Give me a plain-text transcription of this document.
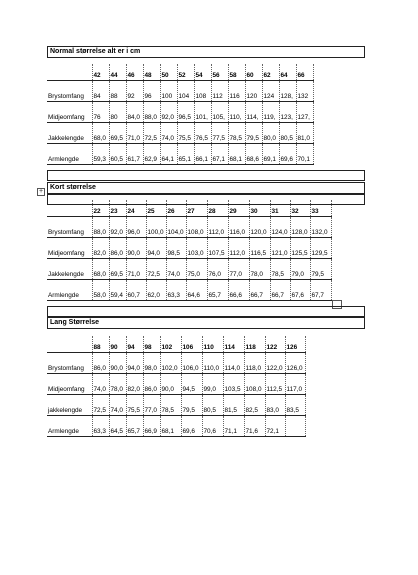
Normal størrelse alt er i cm
	42	44	46	48	50	52	54	56	58	60	62	64	66
Brystomfang	84	88	92	96	100	104	108	112	116	120	124	128,	132
Midjeomfang	76	80	84,0	88,0	92,0	96,5	101,	105,	110,	114,	119,	123,	127,
Jakkelengde	68,0	69,5	71,0	72,5	74,0	75,5	76,5	77,5	78,5	79,5	80,0	80,5	81,0
Armlengde	59,3	60,5	61,7	62,9	64,1	65,1	66,1	67,1	68,1	68,6	69,1	69,6	70,1
+
Kort størrelse
	22	23	24	25	26	27	28	29	30	31	32	33
Brystomfang	88,0	92,0	96,0	100,0	104,0	108,0	112,0	116,0	120,0	124,0	128,0	132,0
Midjeomfang	82,0	86,0	90,0	94,0	98,5	103,0	107,5	112,0	116,5	121,0	125,5	129,5
Jakkelengde	68,0	69,5	71,0	72,5	74,0	75,0	76,0	77,0	78,0	78,5	79,0	79,5
Armlengde	58,0	59,4	60,7	62,0	63,3	64,6	65,7	66,6	66,7	66,7	67,6	67,7
Lang Størrelse
	88	90	94	98	102	106	110	114	118	122	126
Brystomfang	86,0	90,0	94,0	98,0	102,0	106,0	110,0	114,0	118,0	122,0	126,0
Midjeomfang	74,0	78,0	82,0	86,0	90,0	94,5	99,0	103,5	108,0	112,5	117,0
jakkelengde	72,5	74,0	75,5	77,0	78,5	79,5	80,5	81,5	82,5	83,0	83,5
Armlengde	63,3	64,5	65,7	66,9	68,1	69,6	70,6	71,1	71,6	72,1	
